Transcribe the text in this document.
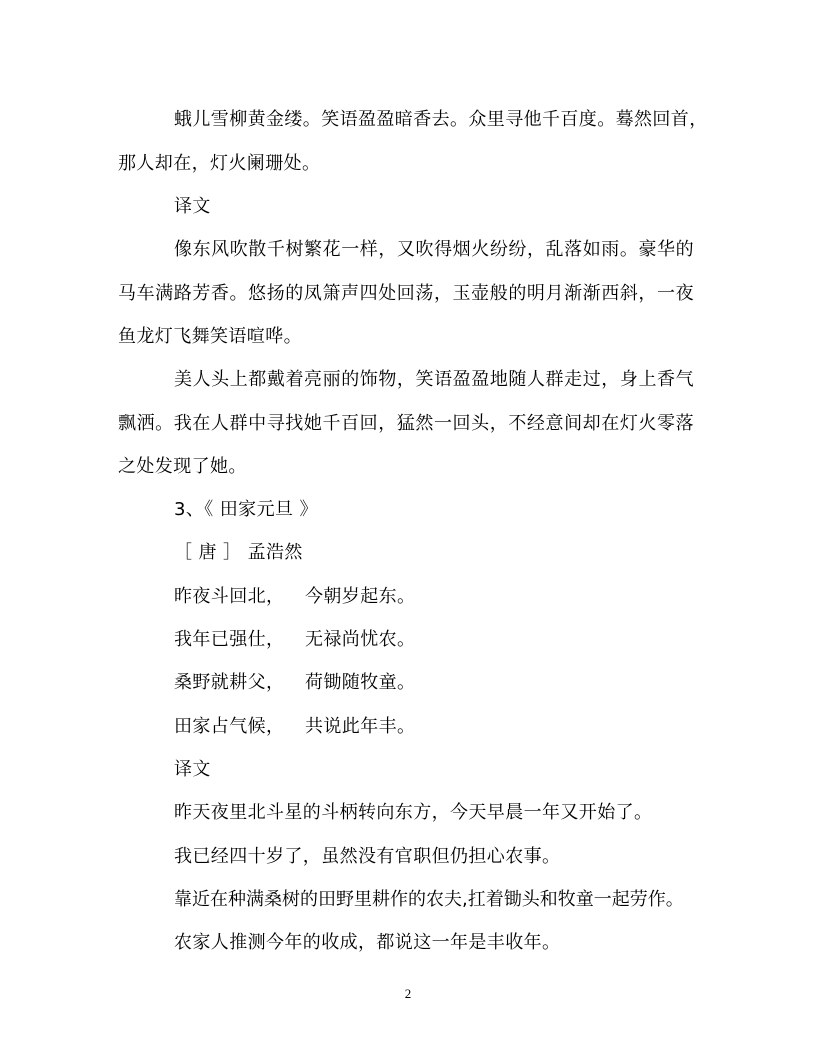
蛾儿雪柳黄金缕。笑语盈盈暗香去。众里寻他千百度。蓦然回首，
那人却在，灯火阑珊处。
译文
像东风吹散千树繁花一样，又吹得烟火纷纷，乱落如雨。豪华的
马车满路芳香。悠扬的凤箫声四处回荡，玉壶般的明月渐渐西斜，一夜
鱼龙灯飞舞笑语喧哗。
美人头上都戴着亮丽的饰物，笑语盈盈地随人群走过，身上香气
飘洒。我在人群中寻找她千百回，猛然一回头，不经意间却在灯火零落
之处发现了她。
3、《 田家元旦 》
［ 唐 ］ 孟浩然
昨夜斗回北， 今朝岁起东。
我年已强仕， 无禄尚忧农。
桑野就耕父， 荷锄随牧童。
田家占气候， 共说此年丰。
译文
昨天夜里北斗星的斗柄转向东方，今天早晨一年又开始了。
我已经四十岁了，虽然没有官职但仍担心农事。
靠近在种满桑树的田野里耕作的农夫,扛着锄头和牧童一起劳作。
农家人推测今年的收成，都说这一年是丰收年。
2
